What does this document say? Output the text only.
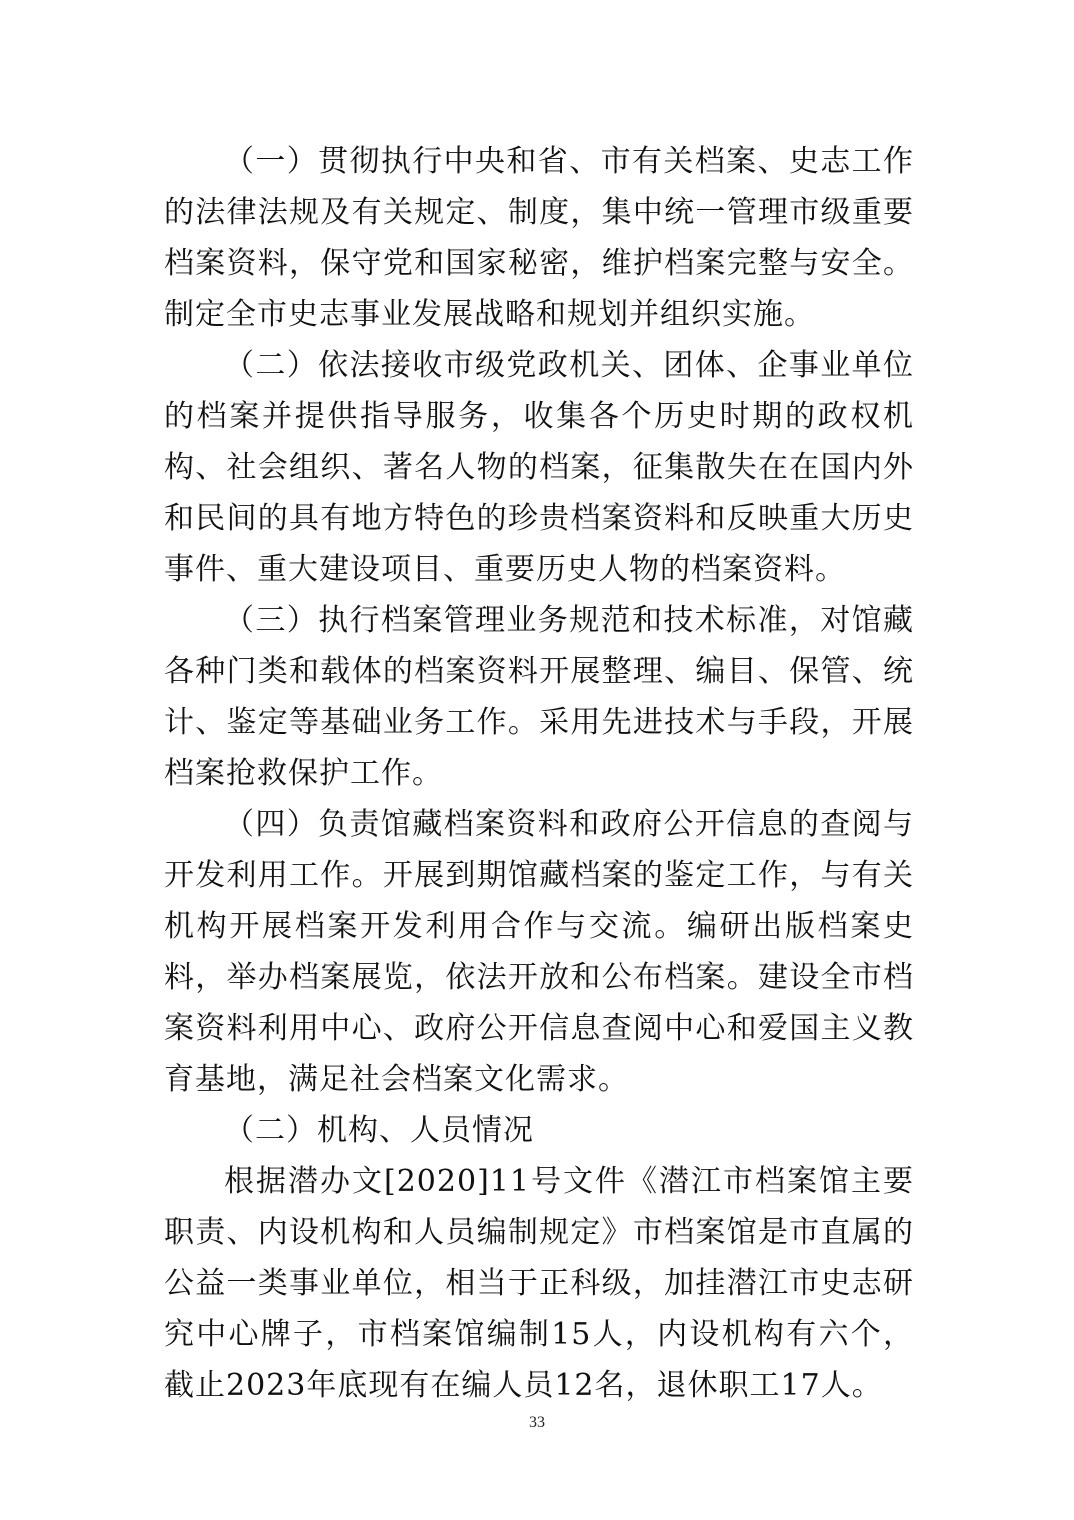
（一）贯彻执行中央和省、市有关档案、史志工作的法律法规及有关规定、制度，集中统一管理市级重要档案资料，保守党和国家秘密，维护档案完整与安全。制定全市史志事业发展战略和规划并组织实施。

（二）依法接收市级党政机关、团体、企事业单位的档案并提供指导服务，收集各个历史时期的政权机构、社会组织、著名人物的档案，征集散失在在国内外和民间的具有地方特色的珍贵档案资料和反映重大历史事件、重大建设项目、重要历史人物的档案资料。

（三）执行档案管理业务规范和技术标准，对馆藏各种门类和载体的档案资料开展整理、编目、保管、统计、鉴定等基础业务工作。采用先进技术与手段，开展档案抢救保护工作。

（四）负责馆藏档案资料和政府公开信息的查阅与开发利用工作。开展到期馆藏档案的鉴定工作，与有关机构开展档案开发利用合作与交流。编研出版档案史料，举办档案展览，依法开放和公布档案。建设全市档案资料利用中心、政府公开信息查阅中心和爱国主义教育基地，满足社会档案文化需求。

（二）机构、人员情况

根据潜办文[2020]11号文件《潜江市档案馆主要职责、内设机构和人员编制规定》市档案馆是市直属的公益一类事业单位，相当于正科级，加挂潜江市史志研究中心牌子，市档案馆编制15人，内设机构有六个，截止2023年底现有在编人员12名，退休职工17人。

33
